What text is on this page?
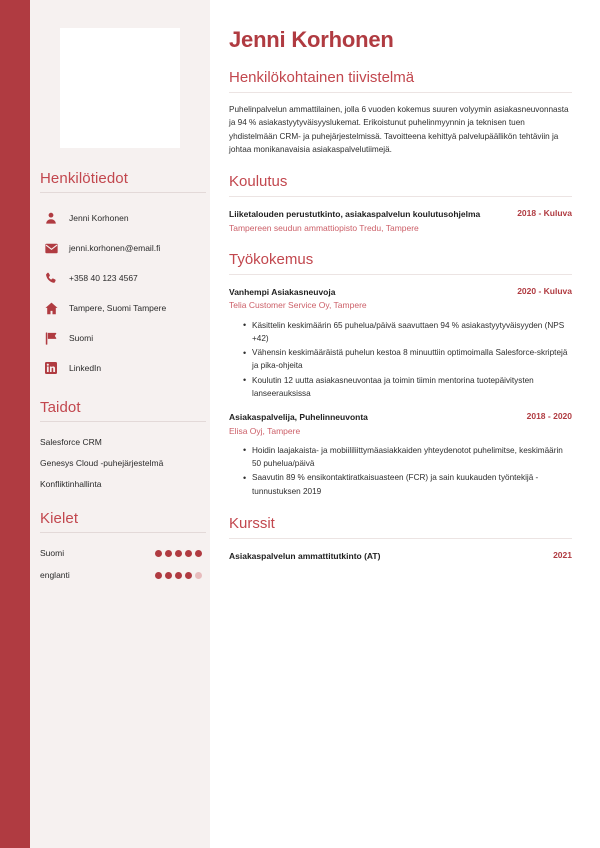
Henkilötiedot
Jenni Korhonen
jenni.korhonen@email.fi
+358 40 123 4567
Tampere, Suomi Tampere
Suomi
LinkedIn
Taidot
Salesforce CRM
Genesys Cloud -puhejärjestelmä
Konfliktinhallinta
Kielet
Suomi
englanti
Jenni Korhonen
Henkilökohtainen tiivistelmä

Puhelinpalvelun ammattilainen, jolla 6 vuoden kokemus suuren volyymin asiakasneuvonnasta ja 94 % asiakastyytyväisyyslukemat. Erikoistunut puhelinmyynnin ja teknisen tuen yhdistelmään CRM- ja puhejärjestelmissä. Tavoitteena kehittyä palvelupäällikön tehtäviin ja johtaa monikanavaisia asiakaspalvelutiimejä.

Koulutus
Liiketalouden perustutkinto, asiakaspalvelun koulutusohjelma	2018 - Kuluva
Tampereen seudun ammattiopisto Tredu, Tampere
Työkokemus
Vanhempi Asiakasneuvoja	2020 - Kuluva
Telia Customer Service Oy, Tampere
• Käsittelin keskimäärin 65 puhelua/päivä saavuttaen 94 % asiakastyytyväisyyden (NPS +42)
• Vähensin keskimääräistä puhelun kestoa 8 minuuttiin optimoimalla Salesforce-skriptejä ja pika-ohjeita
• Koulutin 12 uutta asiakasneuvontaa ja toimin tiimin mentorina tuotepäivitysten lanseerauksissa
Asiakaspalvelija, Puhelinneuvonta	2018 - 2020
Elisa Oyj, Tampere
• Hoidin laajakaista- ja mobiililiittymäasiakkaiden yhteydenotot puhelimitse, keskimäärin 50 puhelua/päivä
• Saavutin 89 % ensikontaktiratkaisuasteen (FCR) ja sain kuukauden työntekijä -tunnustuksen 2019
Kurssit
Asiakaspalvelun ammattitutkinto (AT)	2021
